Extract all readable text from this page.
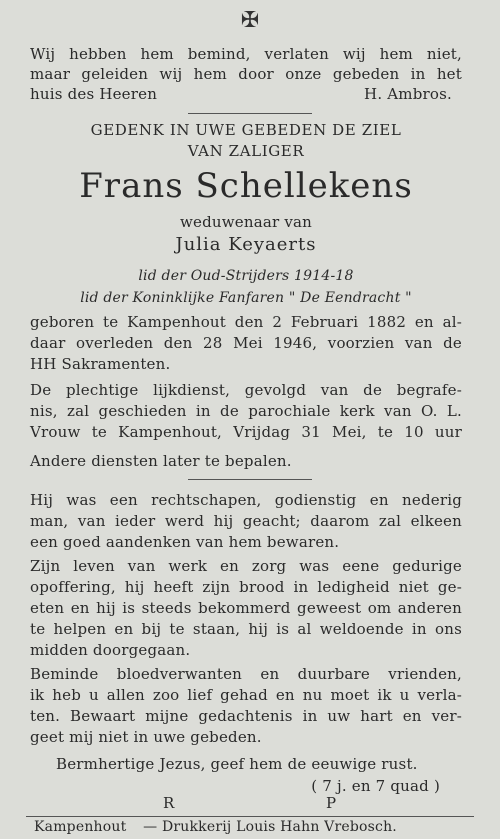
✠
Wij hebben hem bemind, verlaten wij hem niet,
maar geleiden wij hem door onze gebeden in het
huis des Heeren	H. Ambros.
GEDENK IN UWE GEBEDEN DE ZIEL
VAN ZALIGER
Frans Schellekens
weduwenaar van
Julia Keyaerts
lid der Oud-Strijders 1914-18
lid der Koninklijke Fanfaren " De Eendracht "
geboren te Kampenhout den 2 Februari 1882 en al-
daar overleden den 28 Mei 1946, voorzien van de
HH Sakramenten.
De plechtige lijkdienst, gevolgd van de begrafe-
nis, zal geschieden in de parochiale kerk van O. L.
Vrouw te Kampenhout, Vrijdag 31 Mei, te 10 uur
Andere diensten later te bepalen.
Hij was een rechtschapen, godienstig en nederig
man, van ieder werd hij geacht; daarom zal elkeen
een goed aandenken van hem bewaren.
Zijn leven van werk en zorg was eene gedurige
opoffering, hij heeft zijn brood in ledigheid niet ge-
eten en hij is steeds bekommerd geweest om anderen
te helpen en bij te staan, hij is al weldoende in ons
midden doorgegaan.
Beminde bloedverwanten en duurbare vrienden,
ik heb u allen zoo lief gehad en nu moet ik u verla-
ten. Bewaart mijne gedachtenis in uw hart en ver-
geet mij niet in uwe gebeden.
Bermhertige Jezus, geef hem de eeuwige rust.
( 7 j. en 7 quad )
R	P
Kampenhout — Drukkerij Louis Hahn Vrebosch.
